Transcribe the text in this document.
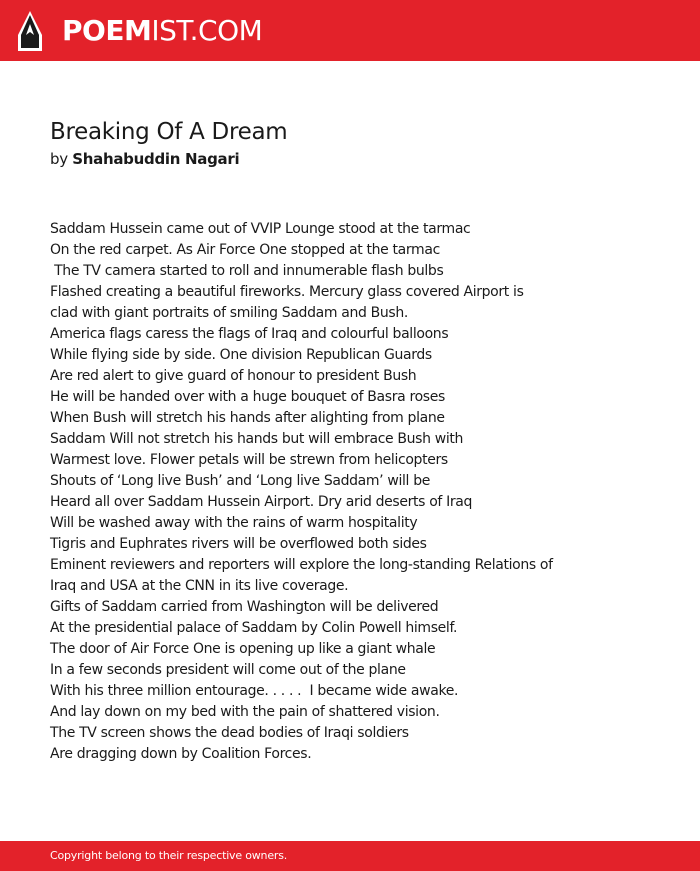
POEMIST.COM
Breaking Of A Dream
by Shahabuddin Nagari
Saddam Hussein came out of VVIP Lounge stood at the tarmac
On the red carpet. As Air Force One stopped at the tarmac
The TV camera started to roll and innumerable flash bulbs
Flashed creating a beautiful fireworks. Mercury glass covered Airport is
clad with giant portraits of smiling Saddam and Bush.
America flags caress the flags of Iraq and colourful balloons
While flying side by side. One division Republican Guards
Are red alert to give guard of honour to president Bush
He will be handed over with a huge bouquet of Basra roses
When Bush will stretch his hands after alighting from plane
Saddam Will not stretch his hands but will embrace Bush with
Warmest love. Flower petals will be strewn from helicopters
Shouts of ‘Long live Bush’ and ‘Long live Saddam’ will be
Heard all over Saddam Hussein Airport. Dry arid deserts of Iraq
Will be washed away with the rains of warm hospitality
Tigris and Euphrates rivers will be overflowed both sides
Eminent reviewers and reporters will explore the long-standing Relations of
Iraq and USA at the CNN in its live coverage.
Gifts of Saddam carried from Washington will be delivered
At the presidential palace of Saddam by Colin Powell himself.
The door of Air Force One is opening up like a giant whale
In a few seconds president will come out of the plane
With his three million entourage. . . . .  I became wide awake.
And lay down on my bed with the pain of shattered vision.
The TV screen shows the dead bodies of Iraqi soldiers
Are dragging down by Coalition Forces.
Copyright belong to their respective owners.
